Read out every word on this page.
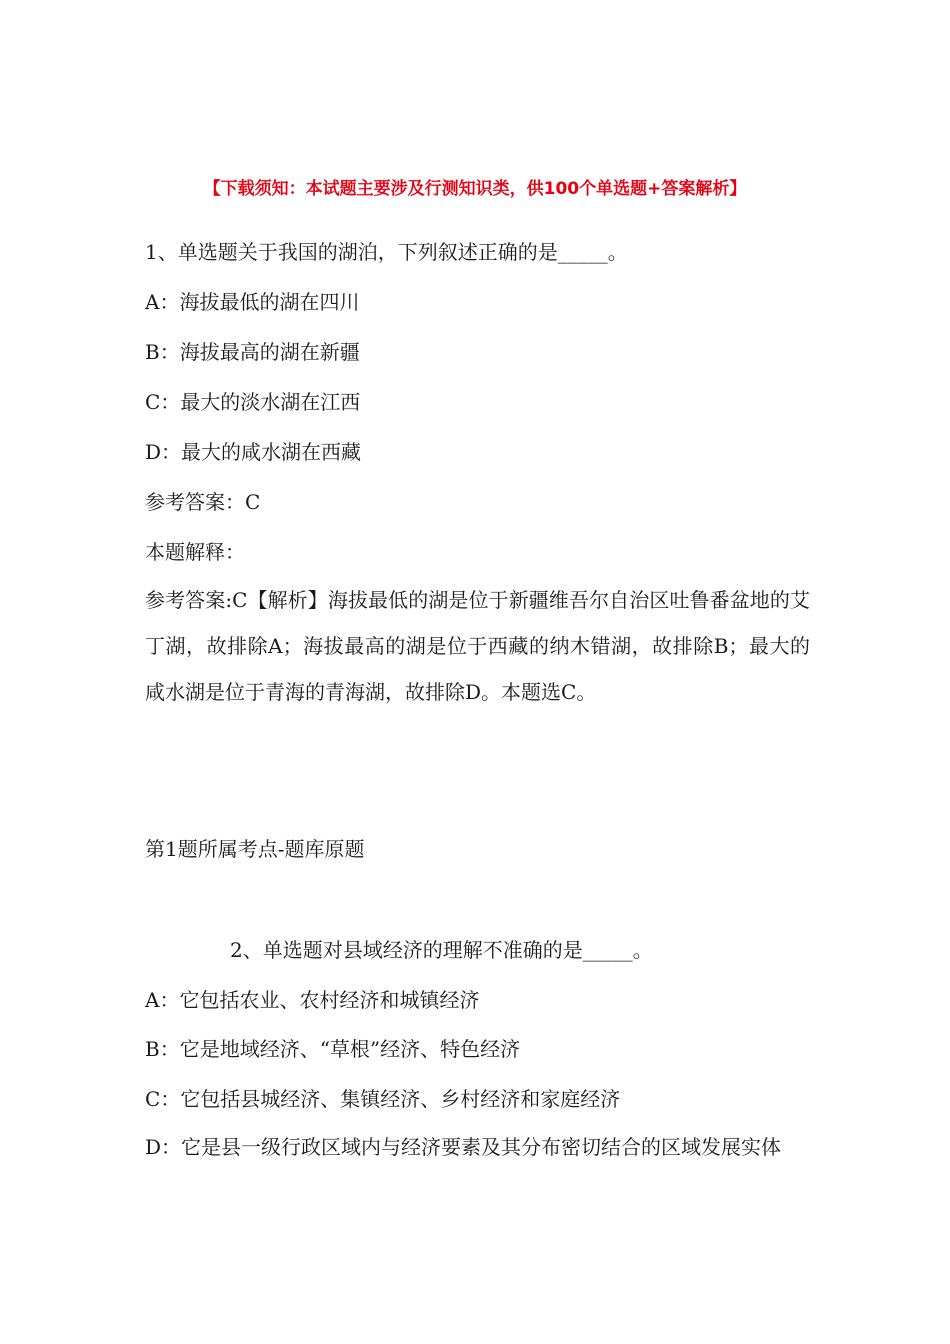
【下载须知：本试题主要涉及行测知识类，供100个单选题+答案解析】
1、单选题关于我国的湖泊，下列叙述正确的是_____。
A：海拔最低的湖在四川
B：海拔最高的湖在新疆
C：最大的淡水湖在江西
D：最大的咸水湖在西藏
参考答案：C
本题解释：

参考答案:C【解析】海拔最低的湖是位于新疆维吾尔自治区吐鲁番盆地的艾丁湖，故排除A；海拔最高的湖是位于西藏的纳木错湖，故排除B；最大的咸水湖是位于青海的青海湖，故排除D。本题选C。

第1题所属考点-题库原题
2、单选题对县域经济的理解不准确的是_____。
A：它包括农业、农村经济和城镇经济
B：它是地域经济、“草根”经济、特色经济
C：它包括县城经济、集镇经济、乡村经济和家庭经济

D：它是县一级行政区域内与经济要素及其分布密切结合的区域发展实体
